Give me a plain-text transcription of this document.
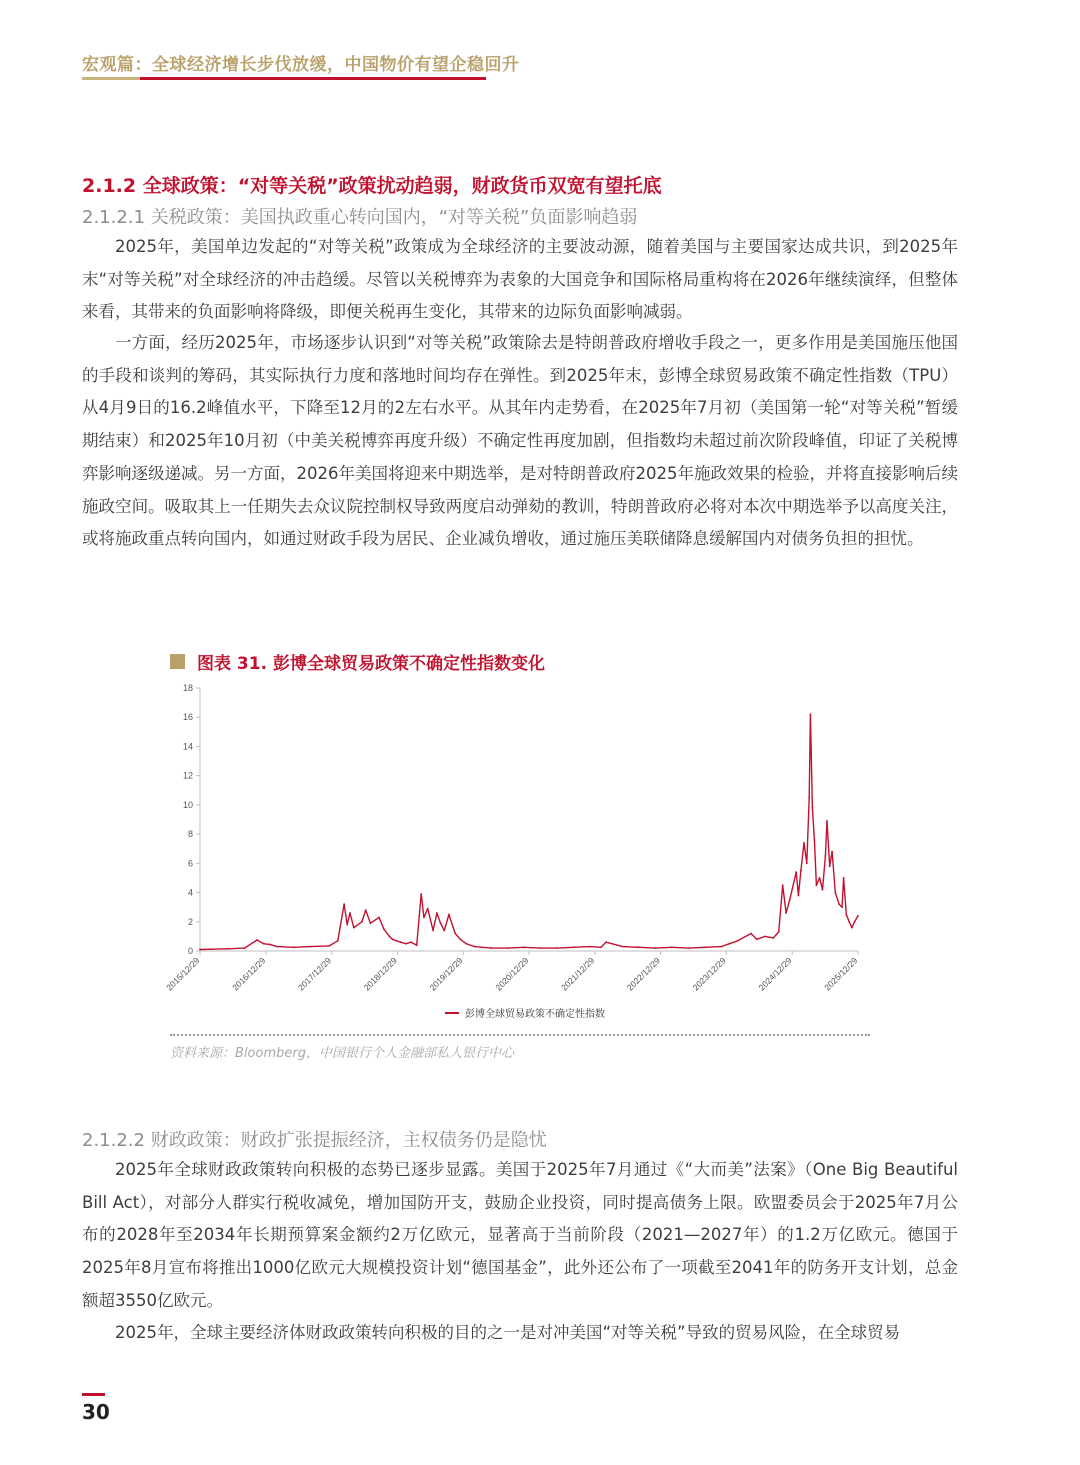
宏观篇：全球经济增长步伐放缓，中国物价有望企稳回升
2.1.2 全球政策：“对等关税”政策扰动趋弱，财政货币双宽有望托底
2.1.2.1 关税政策：美国执政重心转向国内，“对等关税”负面影响趋弱

2025年，美国单边发起的“对等关税”政策成为全球经济的主要波动源，随着美国与主要国家达成共识，到2025年末“对等关税”对全球经济的冲击趋缓。尽管以关税博弈为表象的大国竞争和国际格局重构将在2026年继续演绎，但整体来看，其带来的负面影响将降级，即便关税再生变化，其带来的边际负面影响减弱。

一方面，经历2025年，市场逐步认识到“对等关税”政策除去是特朗普政府增收手段之一，更多作用是美国施压他国的手段和谈判的筹码，其实际执行力度和落地时间均存在弹性。到2025年末，彭博全球贸易政策不确定性指数（TPU）从4月9日的16.2峰值水平，下降至12月的2左右水平。从其年内走势看，在2025年7月初（美国第一轮“对等关税”暂缓期结束）和2025年10月初（中美关税博弈再度升级）不确定性再度加剧，但指数均未超过前次阶段峰值，印证了关税博弈影响逐级递减。另一方面，2026年美国将迎来中期选举，是对特朗普政府2025年施政效果的检验，并将直接影响后续施政空间。吸取其上一任期失去众议院控制权导致两度启动弹劾的教训，特朗普政府必将对本次中期选举予以高度关注，或将施政重点转向国内，如通过财政手段为居民、企业减负增收，通过施压美联储降息缓解国内对债务负担的担忧。

图表 31. 彭博全球贸易政策不确定性指数变化
0
2
4
6
8
10
12
14
16
18
2015/12/29	2016/12/29	2017/12/29	2018/12/29	2019/12/29	2020/12/29	2021/12/29	2022/12/29	2023/12/29	2024/12/29	2025/12/29
彭博全球贸易政策不确定性指数
资料来源：Bloomberg，中国银行个人金融部私人银行中心
2.1.2.2 财政政策：财政扩张提振经济，主权债务仍是隐忧

2025年全球财政政策转向积极的态势已逐步显露。美国于2025年7月通过《“大而美”法案》（One Big Beautiful Bill Act），对部分人群实行税收减免，增加国防开支，鼓励企业投资，同时提高债务上限。欧盟委员会于2025年7月公布的2028年至2034年长期预算案金额约2万亿欧元，显著高于当前阶段（2021—2027年）的1.2万亿欧元。德国于2025年8月宣布将推出1000亿欧元大规模投资计划“德国基金”，此外还公布了一项截至2041年的防务开支计划，总金额超3550亿欧元。

2025年，全球主要经济体财政政策转向积极的目的之一是对冲美国“对等关税”导致的贸易风险，在全球贸易

30
